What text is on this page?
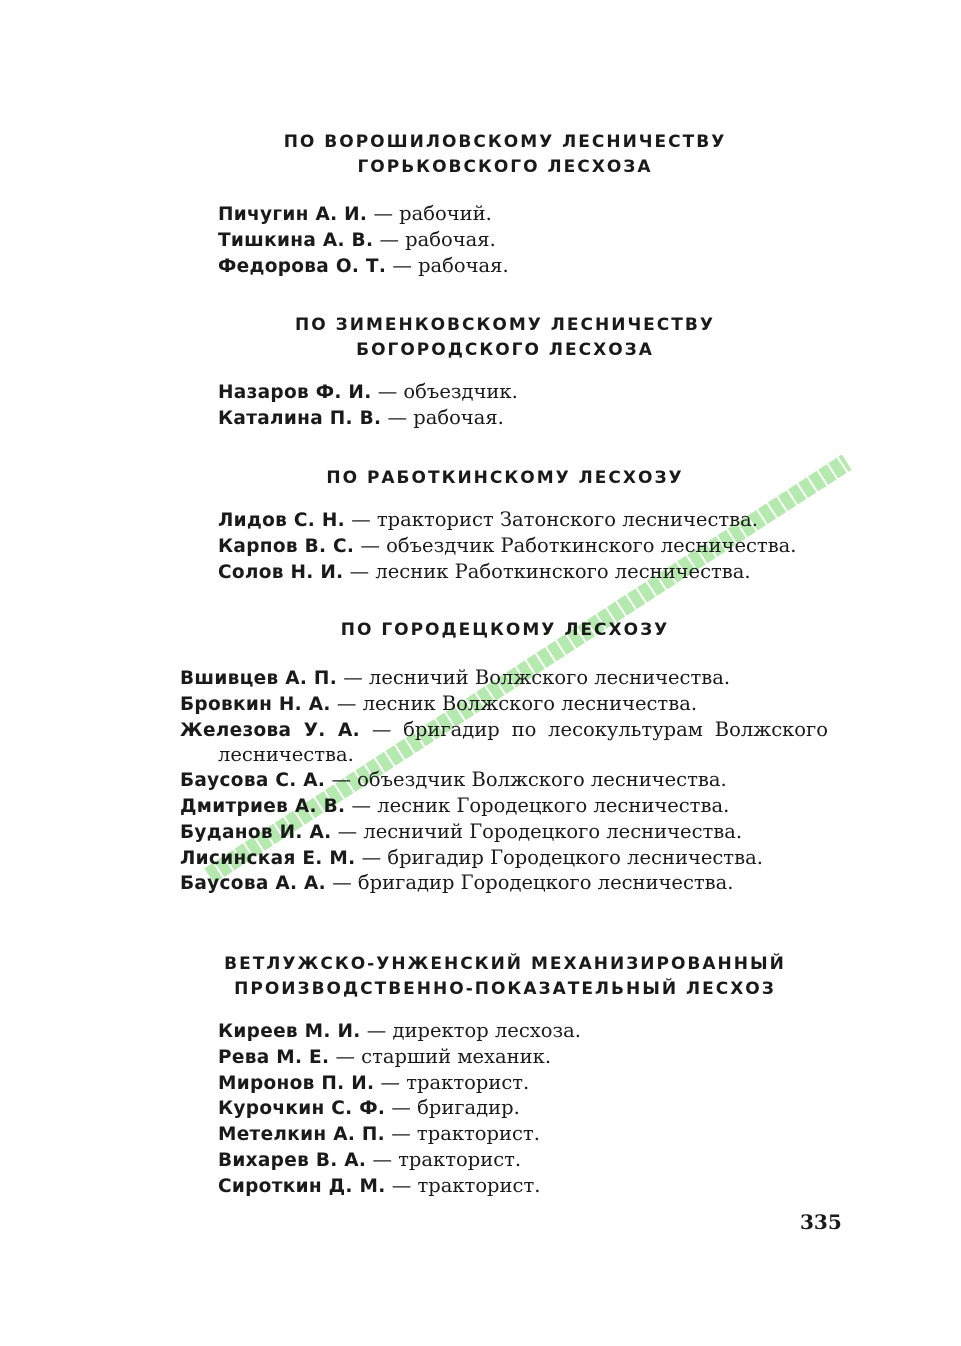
ПО ВОРОШИЛОВСКОМУ ЛЕСНИЧЕСТВУ
ГОРЬКОВСКОГО ЛЕСХОЗА
Пичугин А. И. — рабочий.
Тишкина А. В. — рабочая.
Федорова О. Т. — рабочая.
ПО ЗИМЕНКОВСКОМУ ЛЕСНИЧЕСТВУ
БОГОРОДСКОГО ЛЕСХОЗА
Назаров Ф. И. — объездчик.
Каталина П. В. — рабочая.
ПО РАБОТКИНСКОМУ ЛЕСХОЗУ
Лидов С. Н. — тракторист Затонского лесничества.
Карпов В. С. — объездчик Работкинского лесничества.
Солов Н. И. — лесник Работкинского лесничества.
ПО ГОРОДЕЦКОМУ ЛЕСХОЗУ
Вшивцев А. П. — лесничий Волжского лесничества.
Бровкин Н. А. — лесник Волжского лесничества.
Железова У. А. — бригадир по лесокультурам Волжского лесничества.
Баусова С. А. — объездчик Волжского лесничества.
Дмитриев А. В. — лесник Городецкого лесничества.
Буданов И. А. — лесничий Городецкого лесничества.
Лисинская Е. М. — бригадир Городецкого лесничества.
Баусова А. А. — бригадир Городецкого лесничества.
ВЕТЛУЖСКО-УНЖЕНСКИЙ МЕХАНИЗИРОВАННЫЙ
ПРОИЗВОДСТВЕННО-ПОКАЗАТЕЛЬНЫЙ ЛЕСХОЗ
Киреев М. И. — директор лесхоза.
Рева М. Е. — старший механик.
Миронов П. И. — тракторист.
Курочкин С. Ф. — бригадир.
Метелкин А. П. — тракторист.
Вихарев В. А. — тракторист.
Сироткин Д. М. — тракторист.
335
